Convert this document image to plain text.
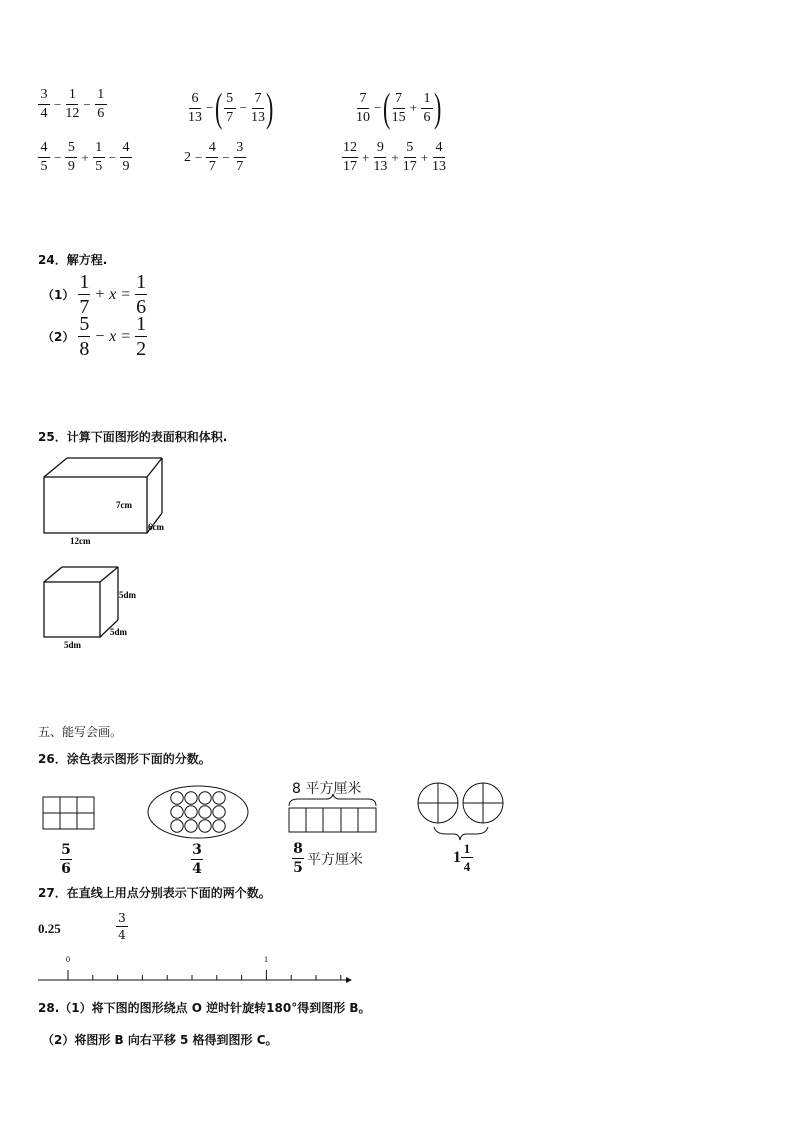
$\frac{3}{4} - \frac{1}{12} - \frac{1}{6}$	$\frac{6}{13}$ − ( $\frac{5}{7} - \frac{7}{13}$ )	$\frac{7}{10}$ − ( $\frac{7}{15} + \frac{1}{6}$ )
$\frac{4}{5} - \frac{5}{9} + \frac{1}{5} - \frac{4}{9}$	$2 - \frac{4}{7} - \frac{3}{7}$	$\frac{12}{17} + \frac{9}{13} + \frac{5}{17} + \frac{4}{13}$
24．解方程.
$(1) \frac{1}{7} + x = \frac{1}{6}$
$(2) \frac{5}{8} - x = \frac{1}{2}$
25．计算下面图形的表面积和体积.
7cm
6cm
12cm
5dm
5dm
5dm
五、能写会画。
26．涂色表示图形下面的分数。
$\frac{5}{6}$	$\frac{3}{4}$
8 平方厘米
$\frac{8}{5}$ 平方厘米	$1 \frac{1}{4}$
27．在直线上用点分别表示下面的两个数。
0.25	$\frac{3}{4}$
0	1
28.（1）将下图的图形绕点 O 逆时针旋转180°得到图形 B。
（2）将图形 B 向右平移 5 格得到图形 C。
